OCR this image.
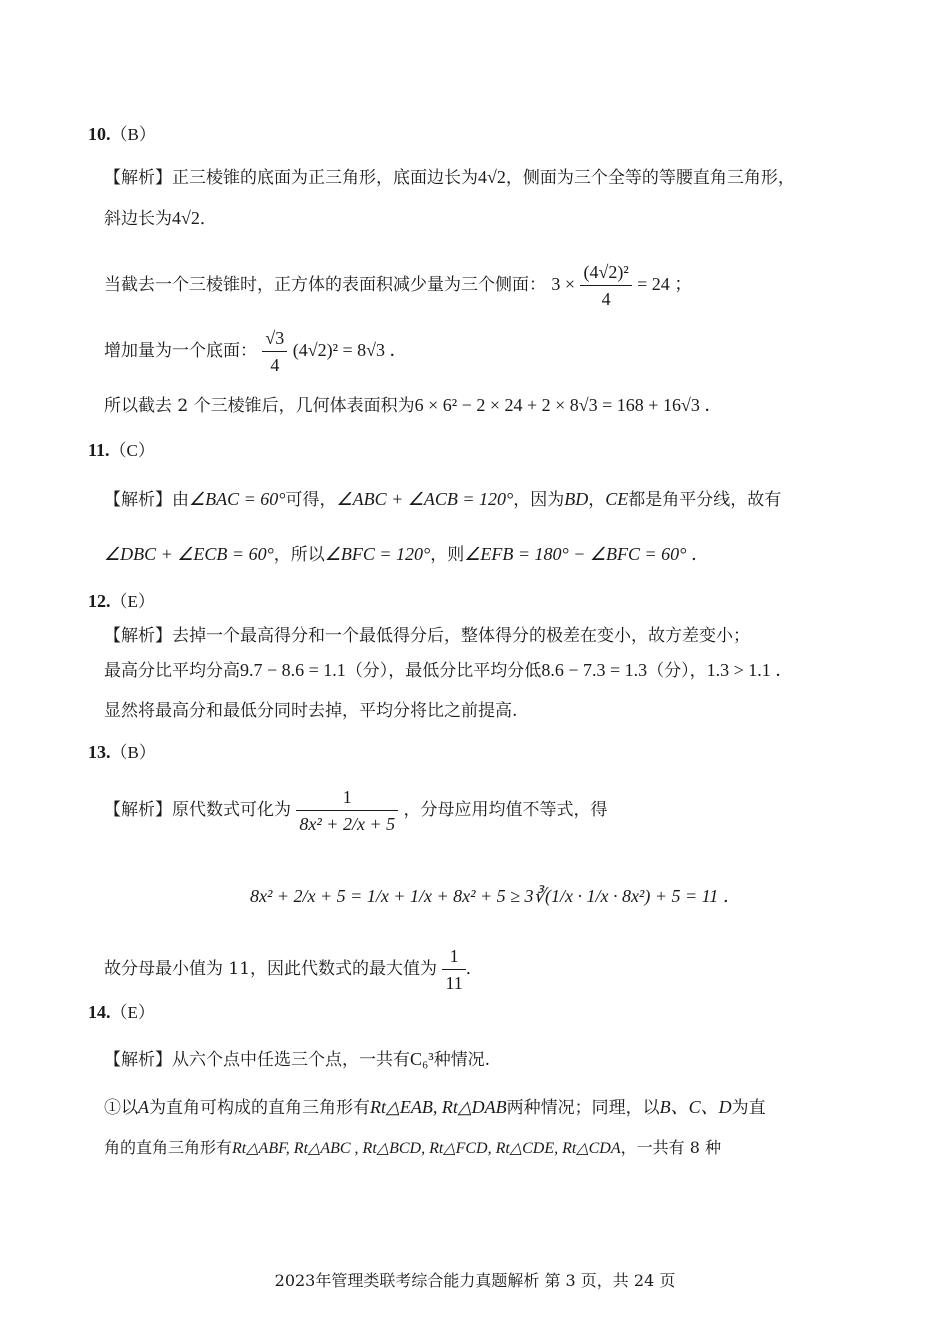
10.（B）
【解析】正三棱锥的底面为正三角形，底面边长为4√2，侧面为三个全等的等腰直角三角形，
斜边长为4√2．
当截去一个三棱锥时，正方体的表面积减少量为三个侧面： $3 \times \frac{\text{(4√2)²}}{4} = 24$ ；
增加量为一个底面： $\frac{√3}{4} (4√2)^2 = 8√3$ ．
所以截去 2 个三棱锥后，几何体表面积为6 × 6² − 2 × 24 + 2 × 8√3 = 168 + 16√3 ．
11.（C）
【解析】由∠BAC = 60°可得，∠ABC + ∠ACB = 120°，因为BD，CE都是角平分线，故有
∠DBC + ∠ECB = 60°，所以∠BFC = 120°，则∠EFB = 180° − ∠BFC = 60° ．
12.（E）
【解析】去掉一个最高得分和一个最低得分后，整体得分的极差在变小，故方差变小；
最高分比平均分高9.7 − 8.6 = 1.1（分），最低分比平均分低8.6 − 7.3 = 1.3（分），1.3 > 1.1 ．
显然将最高分和最低分同时去掉，平均分将比之前提高.
13.（B）
【解析】原代数式可化为 $\frac{1}{\text{8x² + 2/x + 5}}$ ，分母应用均值不等式，得
8x² + 2/x + 5 = 1/x + 1/x + 8x² + 5 ≥ 3∛(1/x · 1/x · 8x²) + 5 = 11 ．
故分母最小值为 11，因此代数式的最大值为 $\frac{1}{11}$ ．
14.（E）
【解析】从六个点中任选三个点，一共有C₆³种情况.
①以A为直角可构成的直角三角形有Rt△EAB, Rt△DAB两种情况；同理，以B、C、D为直
角的直角三角形有Rt△ABF, Rt△ABC , Rt△BCD, Rt△FCD, Rt△CDE, Rt△CDA，一共有 8 种
2023年管理类联考综合能力真题解析 第 3 页，共 24 页
